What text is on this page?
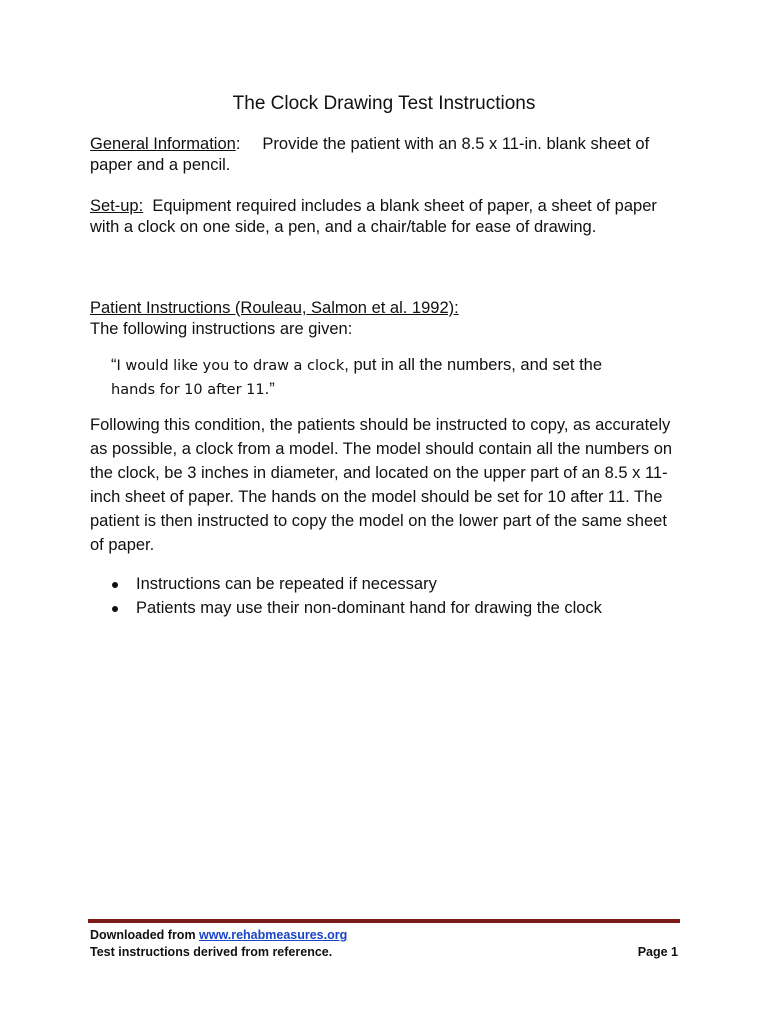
The Clock Drawing Test Instructions
General Information: Provide the patient with an 8.5 x 11-in. blank sheet of paper and a pencil.
Set-up: Equipment required includes a blank sheet of paper, a sheet of paper with a clock on one side, a pen, and a chair/table for ease of drawing.
Patient Instructions (Rouleau, Salmon et al. 1992):
The following instructions are given:
“I would like you to draw a clock, put in all the numbers, and set the
hands for 10 after 11.”
Following this condition, the patients should be instructed to copy, as accurately as possible, a clock from a model. The model should contain all the numbers on the clock, be 3 inches in diameter, and located on the upper part of an 8.5 x 11-inch sheet of paper. The hands on the model should be set for 10 after 11. The patient is then instructed to copy the model on the lower part of the same sheet of paper.
Instructions can be repeated if necessary
Patients may use their non-dominant hand for drawing the clock
Downloaded from www.rehabmeasures.org
Test instructions derived from reference.	Page 1
